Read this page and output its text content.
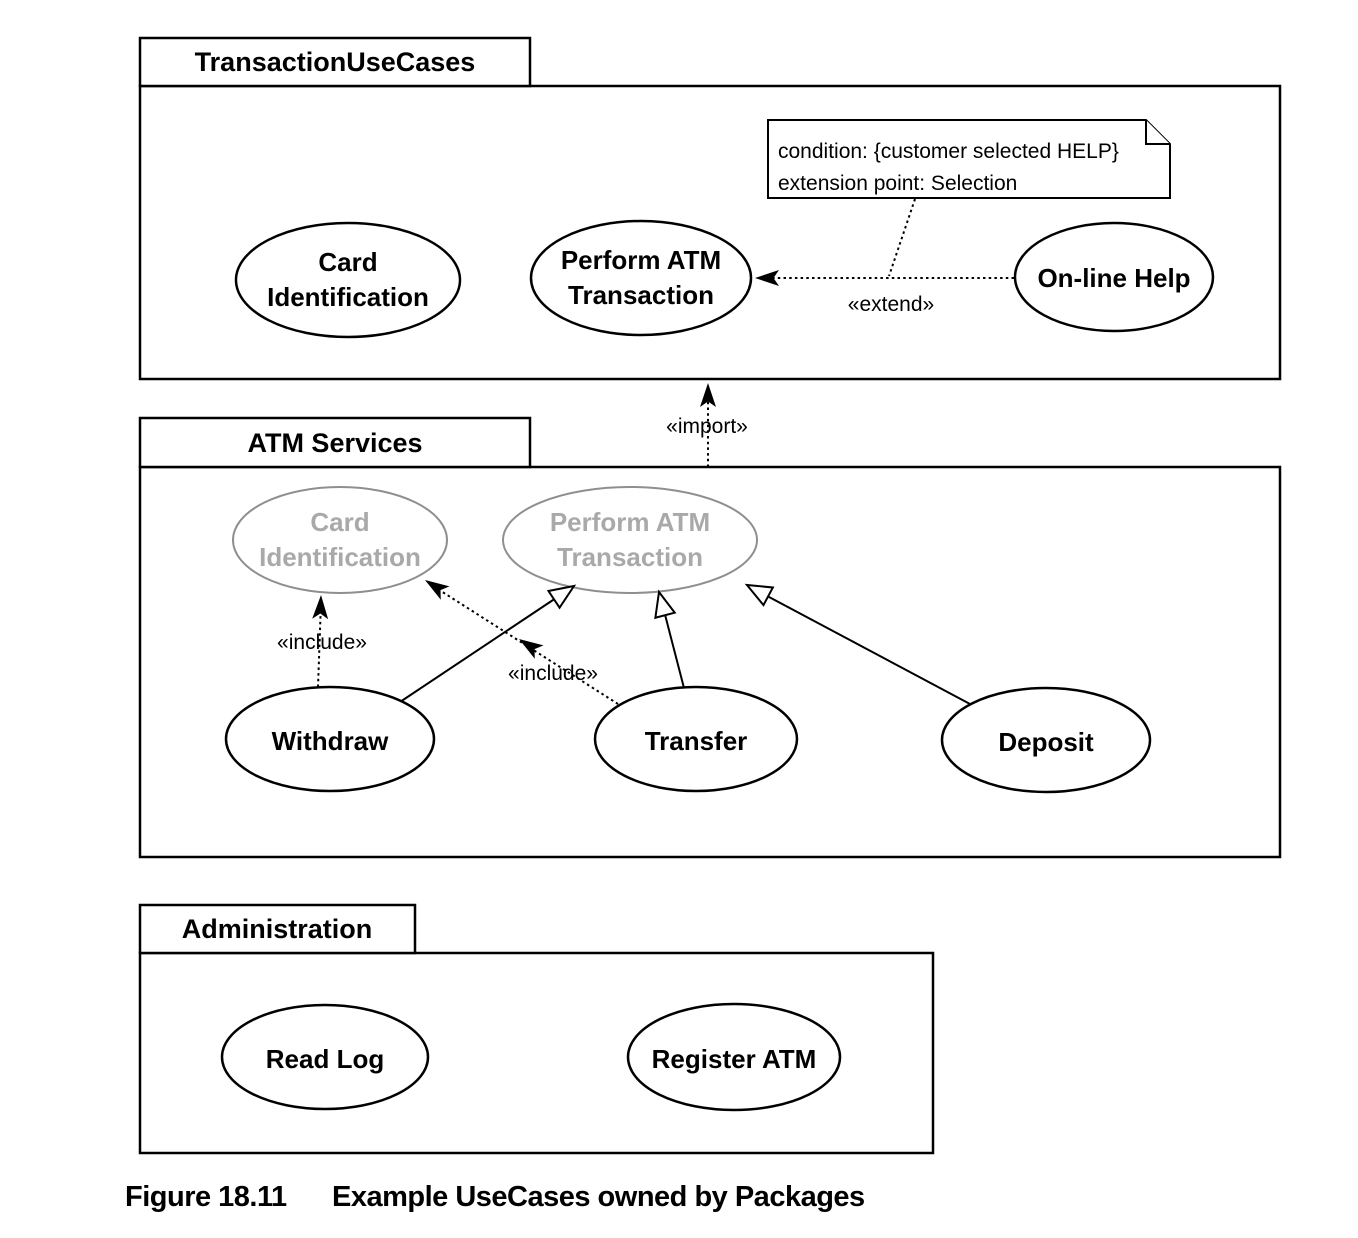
TransactionUseCases
ATM Services
Administration
Card
Identification
Perform ATM
Transaction
On-line Help
Card
Identification
Perform ATM
Transaction
Withdraw	Transfer	Deposit
Read Log	Register ATM
«extend»
«import»
«include»
«include»
condition: {customer selected HELP}
extension point: Selection
Figure 18.11 Example UseCases owned by Packages
